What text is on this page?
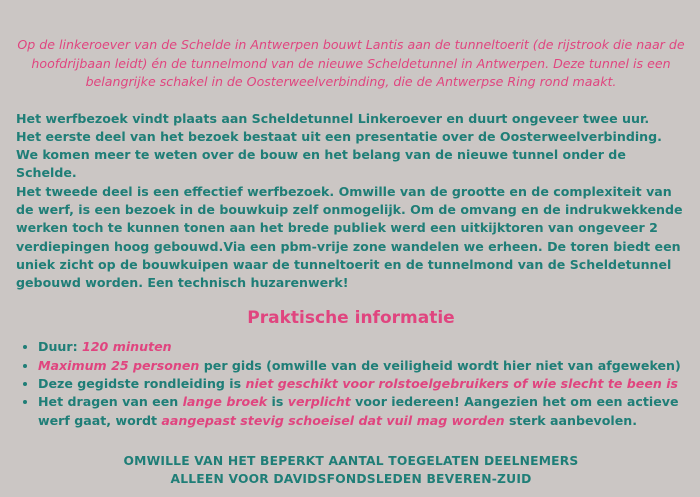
Op de linkeroever van de Schelde in Antwerpen bouwt Lantis aan de tunneltoerit (de rijstrook die naar de hoofdrijbaan leidt) én de tunnelmond van de nieuwe Scheldetunnel in Antwerpen. Deze tunnel is een belangrijke schakel in de Oosterweelverbinding, die de Antwerpse Ring rond maakt.

Het werfbezoek vindt plaats aan Scheldetunnel Linkeroever en duurt ongeveer twee uur.

Het eerste deel van het bezoek bestaat uit een presentatie over de Oosterweelverbinding. We komen meer te weten over de bouw en het belang van de nieuwe tunnel onder de Schelde.

Het tweede deel is een effectief werfbezoek. Omwille van de grootte en de complexiteit van de werf, is een bezoek in de bouwkuip zelf onmogelijk. Om de omvang en de indrukwekkende werken toch te kunnen tonen aan het brede publiek werd een uitkijktoren van ongeveer 2 verdiepingen hoog gebouwd.Via een pbm-vrije zone wandelen we erheen. De toren biedt een uniek zicht op de bouwkuipen waar de tunneltoerit en de tunnelmond van de Scheldetunnel gebouwd worden. Een technisch huzarenwerk!

Praktische informatie
• Duur: 120 minuten
• Maximum 25 personen per gids (omwille van de veiligheid wordt hier niet van afgeweken)
• Deze gegidste rondleiding is niet geschikt voor rolstoelgebruikers of wie slecht te been is
• Het dragen van een lange broek is verplicht voor iedereen! Aangezien het om een actieve werf gaat, wordt aangepast stevig schoeisel dat vuil mag worden sterk aanbevolen.
OMWILLE VAN HET BEPERKT AANTAL TOEGELATEN DEELNEMERS
ALLEEN VOOR DAVIDSFONDSLEDEN BEVEREN-ZUID
